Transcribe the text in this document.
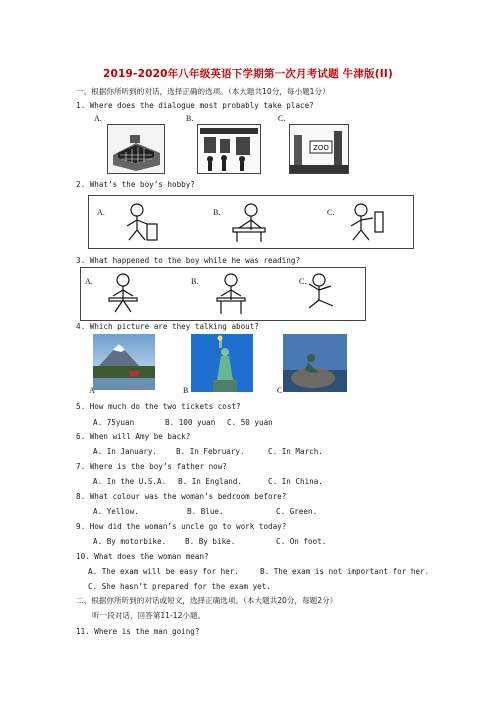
2019-2020年八年级英语下学期第一次月考试题 牛津版(II)
一、根据你所听到的对话，选择正确的选项。（本大题共10分，每小题1分）
1. Where does the dialogue most probably take place?
A.	B.	C.
ZOO
2. What’s the boy’s hobby?
A.	B.	C.
3. What happened to the boy while he was reading?
A.	B.	C.
4. Which picture are they talking about?
A	B	C
5. How much do the two tickets cost?
A. 75yuan	B. 100 yuan C. 50 yuan
6. When will Amy be back?
A. In January. B. In February.	C. In March.
7. Where is the boy’s father now?
A. In the U.S.A. B. In England.	C. In China.
8. What colour was the woman’s bedroom before?
A. Yellow.	B. Blue.	C. Green.
9. How did the woman’s uncle go to work today?
A. By motorbike. B. By bike.	C. On foot.
10. What does the woman mean?
A. The exam will be easy for her.	B. The exam is not important for her.
C. She hasn’t prepared for the exam yet.
二、根据你所听到的对话或短文，选择正确选项。（本大题共20分，每题2分）
听一段对话，回答第11-12小题。
11. Where is the man going?
